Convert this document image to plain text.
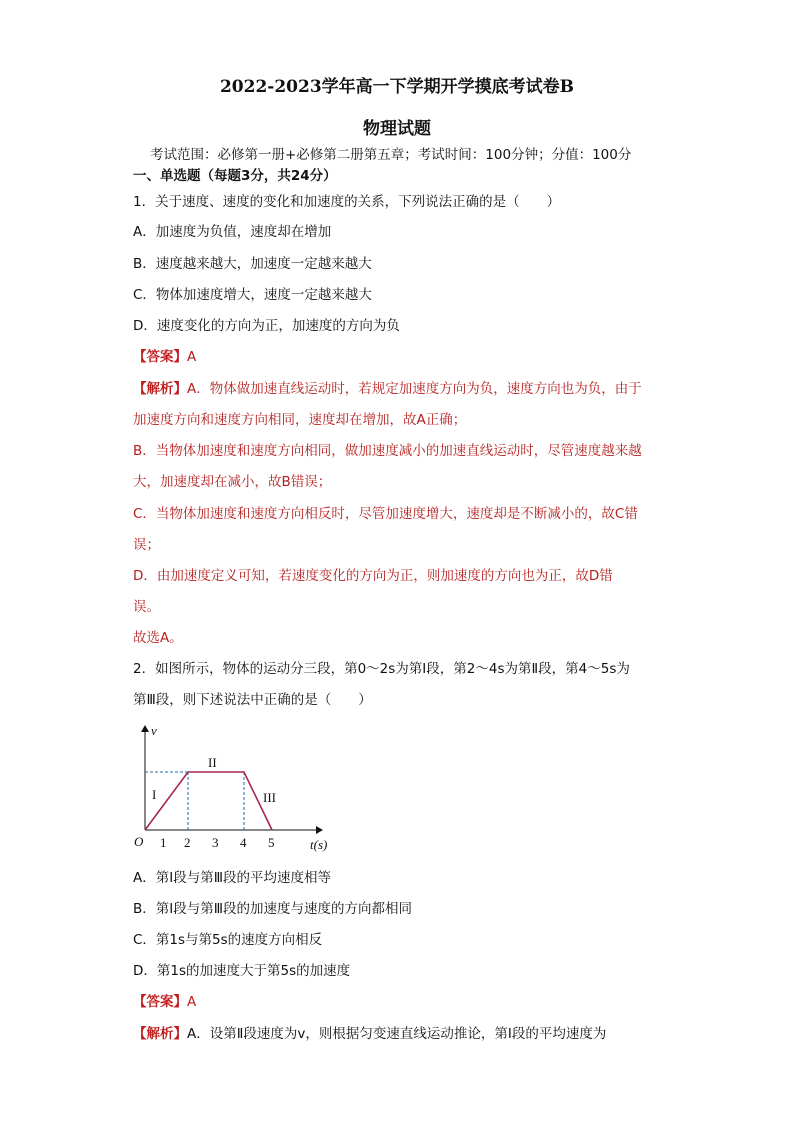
2022-2023学年高一下学期开学摸底考试卷B
物理试题
考试范围：必修第一册+必修第二册第五章；考试时间：100分钟；分值：100分
一、单选题（每题3分，共24分）
1．关于速度、速度的变化和加速度的关系，下列说法正确的是（　　）
A．加速度为负值，速度却在增加
B．速度越来越大，加速度一定越来越大
C．物体加速度增大，速度一定越来越大
D．速度变化的方向为正，加速度的方向为负
【答案】A
【解析】A．物体做加速直线运动时，若规定加速度方向为负，速度方向也为负，由于
加速度方向和速度方向相同，速度却在增加，故A正确；
B．当物体加速度和速度方向相同，做加速度减小的加速直线运动时，尽管速度越来越
大，加速度却在减小，故B错误；
C．当物体加速度和速度方向相反时，尽管加速度增大，速度却是不断减小的，故C错
误；
D．由加速度定义可知，若速度变化的方向为正，则加速度的方向也为正，故D错
误。
故选A。
2．如图所示，物体的运动分三段，第0～2s为第Ⅰ段，第2～4s为第Ⅱ段，第4～5s为
第Ⅲ段，则下述说法中正确的是（　　）
v
O 1 2 3 4 5	t(s)
I
II
III
A．第Ⅰ段与第Ⅲ段的平均速度相等
B．第Ⅰ段与第Ⅲ段的加速度与速度的方向都相同
C．第1s与第5s的速度方向相反
D．第1s的加速度大于第5s的加速度
【答案】A
【解析】A．设第Ⅱ段速度为v，则根据匀变速直线运动推论，第Ⅰ段的平均速度为
